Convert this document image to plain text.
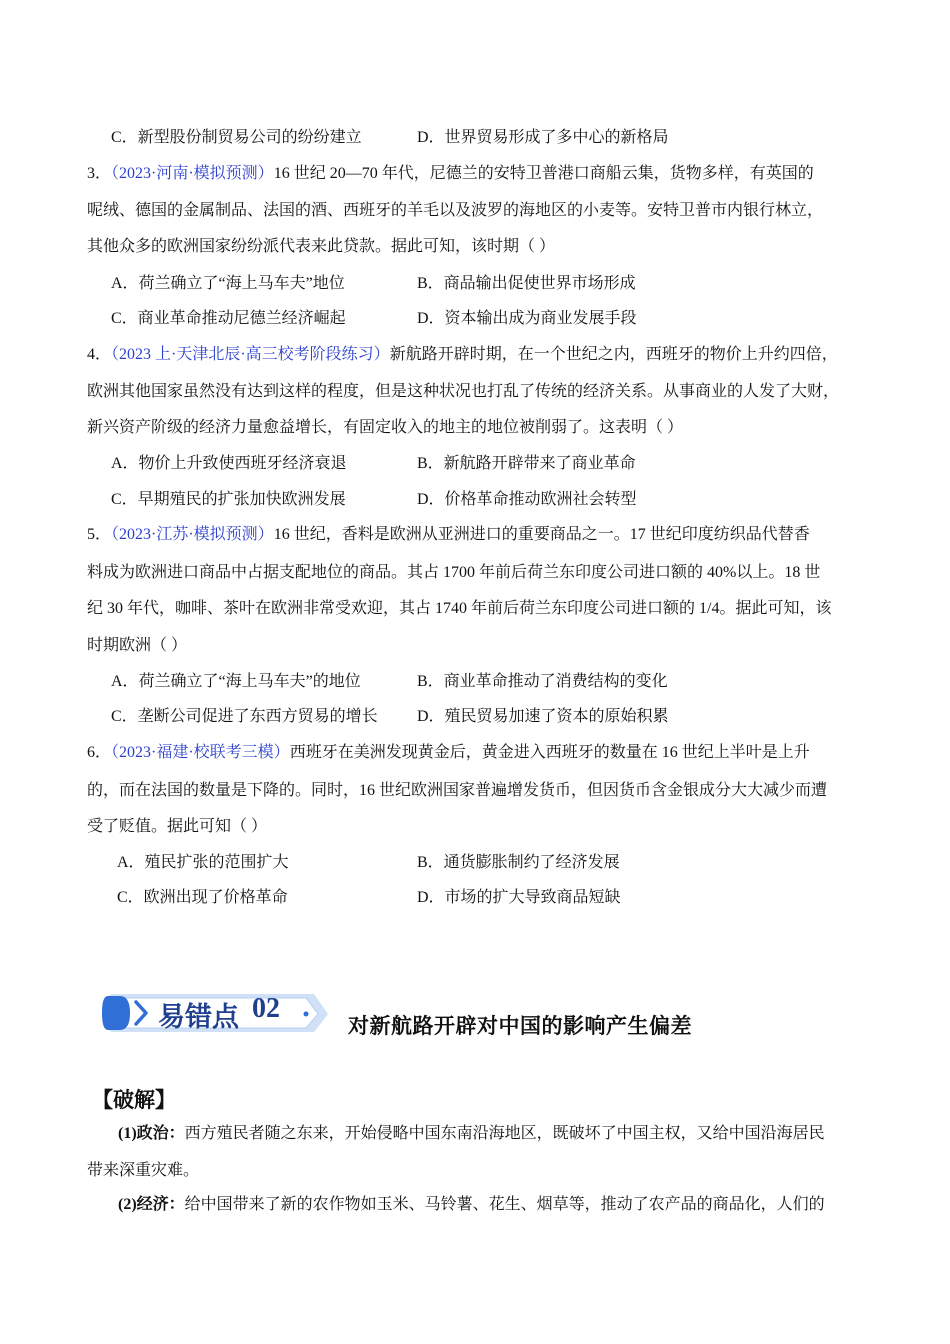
C．新型股份制贸易公司的纷纷建立	D．世界贸易形成了多中心的新格局
3．（2023·河南·模拟预测）16 世纪 20—70 年代，尼德兰的安特卫普港口商船云集，货物多样，有英国的
呢绒、德国的金属制品、法国的酒、西班牙的羊毛以及波罗的海地区的小麦等。安特卫普市内银行林立，
其他众多的欧洲国家纷纷派代表来此贷款。据此可知，该时期（ ）
A．荷兰确立了“海上马车夫”地位	B．商品输出促使世界市场形成
C．商业革命推动尼德兰经济崛起	D．资本输出成为商业发展手段
4．（2023 上·天津北辰·高三校考阶段练习）新航路开辟时期，在一个世纪之内，西班牙的物价上升约四倍，
欧洲其他国家虽然没有达到这样的程度，但是这种状况也打乱了传统的经济关系。从事商业的人发了大财，
新兴资产阶级的经济力量愈益增长，有固定收入的地主的地位被削弱了。这表明（ ）
A．物价上升致使西班牙经济衰退	B．新航路开辟带来了商业革命
C．早期殖民的扩张加快欧洲发展	D．价格革命推动欧洲社会转型
5．（2023·江苏·模拟预测）16 世纪，香料是欧洲从亚洲进口的重要商品之一。17 世纪印度纺织品代替香
料成为欧洲进口商品中占据支配地位的商品。其占 1700 年前后荷兰东印度公司进口额的 40%以上。18 世
纪 30 年代，咖啡、茶叶在欧洲非常受欢迎，其占 1740 年前后荷兰东印度公司进口额的 1/4。据此可知，该
时期欧洲（ ）
A．荷兰确立了“海上马车夫”的地位	B．商业革命推动了消费结构的变化
C．垄断公司促进了东西方贸易的增长 D．殖民贸易加速了资本的原始积累
6．（2023·福建·校联考三模）西班牙在美洲发现黄金后，黄金进入西班牙的数量在 16 世纪上半叶是上升
的，而在法国的数量是下降的。同时，16 世纪欧洲国家普遍增发货币，但因货币含金银成分大大减少而遭
受了贬值。据此可知（ ）
A．殖民扩张的范围扩大	B．通货膨胀制约了经济发展
C．欧洲出现了价格革命	D．市场的扩大导致商品短缺
易错点 02
对新航路开辟对中国的影响产生偏差
【破解】
(1)政治：西方殖民者随之东来，开始侵略中国东南沿海地区，既破坏了中国主权，又给中国沿海居民
带来深重灾难。
(2)经济：给中国带来了新的农作物如玉米、马铃薯、花生、烟草等，推动了农产品的商品化，人们的
